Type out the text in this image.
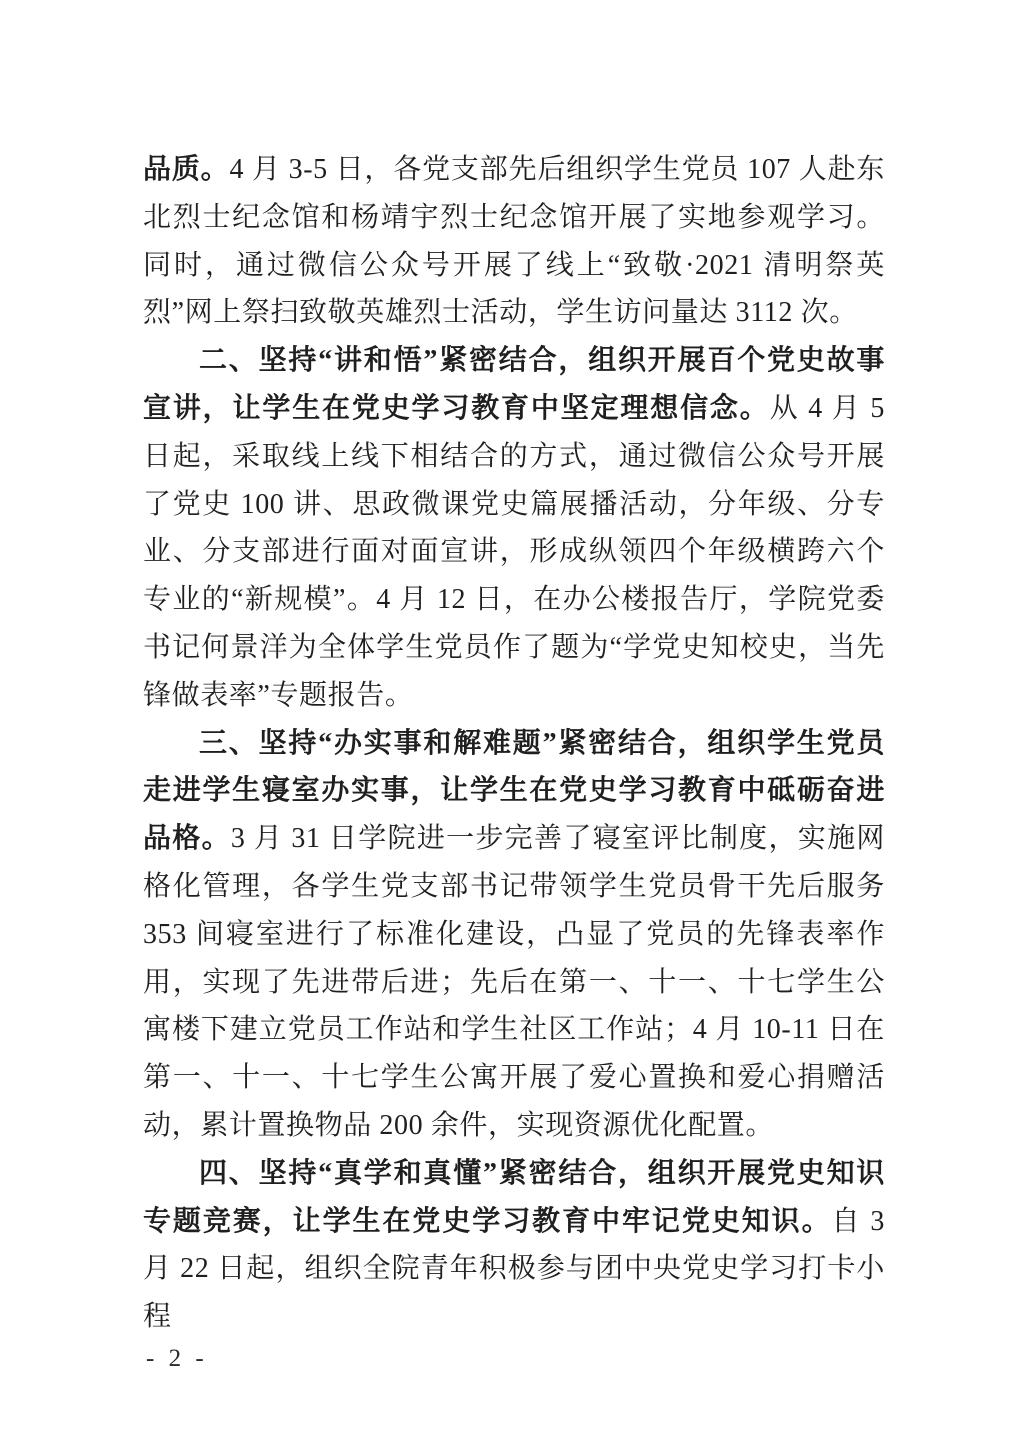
品质。4 月 3-5 日，各党支部先后组织学生党员 107 人赴东北烈士纪念馆和杨靖宇烈士纪念馆开展了实地参观学习。同时，通过微信公众号开展了线上“致敬·2021 清明祭英烈”网上祭扫致敬英雄烈士活动，学生访问量达 3112 次。

二、坚持“讲和悟”紧密结合，组织开展百个党史故事宣讲，让学生在党史学习教育中坚定理想信念。从 4 月 5 日起，采取线上线下相结合的方式，通过微信公众号开展了党史 100 讲、思政微课党史篇展播活动，分年级、分专业、分支部进行面对面宣讲，形成纵领四个年级横跨六个专业的“新规模”。4 月 12 日，在办公楼报告厅，学院党委书记何景洋为全体学生党员作了题为“学党史知校史，当先锋做表率”专题报告。

三、坚持“办实事和解难题”紧密结合，组织学生党员走进学生寝室办实事，让学生在党史学习教育中砥砺奋进品格。3 月 31 日学院进一步完善了寝室评比制度，实施网格化管理，各学生党支部书记带领学生党员骨干先后服务 353 间寝室进行了标准化建设，凸显了党员的先锋表率作用，实现了先进带后进；先后在第一、十一、十七学生公寓楼下建立党员工作站和学生社区工作站；4 月 10-11 日在第一、十一、十七学生公寓开展了爱心置换和爱心捐赠活动，累计置换物品 200 余件，实现资源优化配置。

四、坚持“真学和真懂”紧密结合，组织开展党史知识专题竞赛，让学生在党史学习教育中牢记党史知识。自 3 月 22 日起，组织全院青年积极参与团中央党史学习打卡小程

- 2 -
